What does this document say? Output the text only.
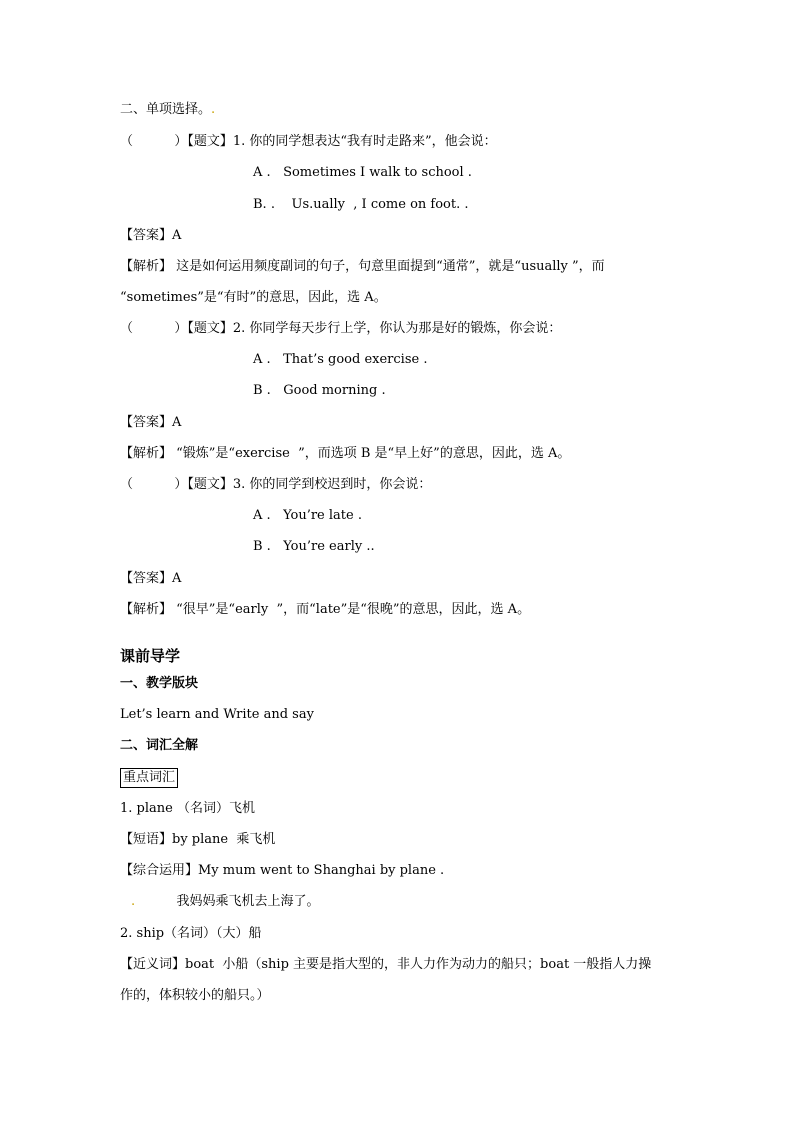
二、单项选择。.
（          ）【题文】1. 你的同学想表达“我有时走路来”，他会说：
A . Sometimes I walk to school .
B. . Us.ually  , I come on foot. .
【答案】A
【解析】 这是如何运用频度副词的句子，句意里面提到“通常”，就是“usually ”，而
“sometimes”是“有时”的意思，因此，选 A。
（          ）【题文】2. 你同学每天步行上学，你认为那是好的锻炼，你会说：
A . That’s good exercise .
B . Good morning .
【答案】A
【解析】 “锻炼”是“exercise  ”，而选项 B 是“早上好”的意思，因此，选 A。
（          ）【题文】3. 你的同学到校迟到时，你会说：
A . You’re late .
B . You’re early ..
【答案】A
【解析】 “很早”是“early  ”，而“late”是“很晚”的意思，因此，选 A。
课前导学
一、教学版块
Let’s learn and Write and say
二、词汇全解
重点词汇
1. plane （名词）飞机
【短语】by plane  乘飞机
【综合运用】My mum went to Shanghai by plane .
.	我妈妈乘飞机去上海了。
2. ship（名词）（大）船
【近义词】boat  小船（ship 主要是指大型的，非人力作为动力的船只；boat 一般指人力操
作的，体积较小的船只。）
